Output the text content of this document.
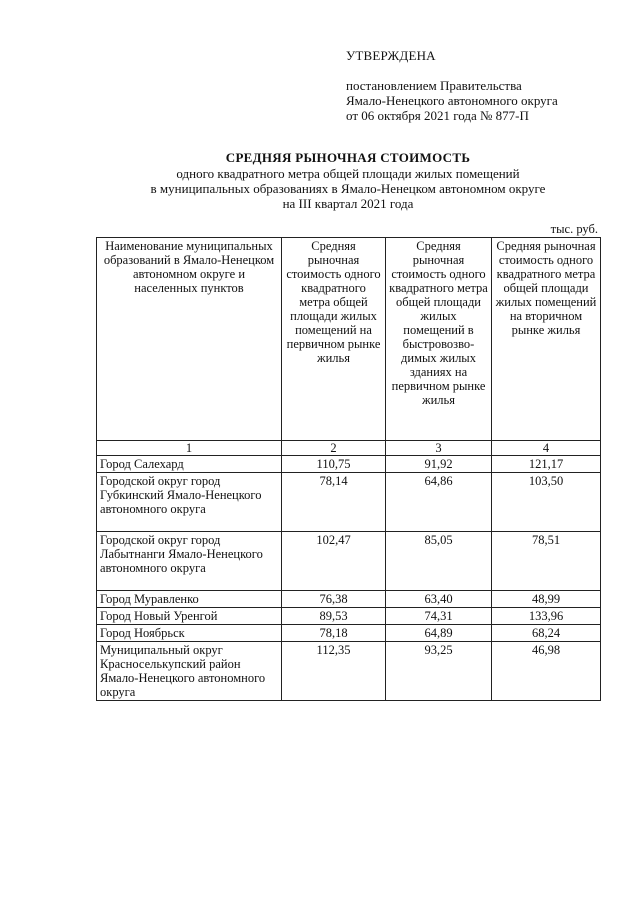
УТВЕРЖДЕНА
постановлением Правительства
Ямало-Ненецкого автономного округа
от 06 октября 2021 года № 877-П
СРЕДНЯЯ РЫНОЧНАЯ СТОИМОСТЬ
одного квадратного метра общей площади жилых помещений
в муниципальных образованиях в Ямало-Ненецком автономном округе
на III квартал 2021 года
тыс. руб.
Наименование муниципальных образований в Ямало-Ненецком автономном округе и населенных пунктов	Средняя рыночная стоимость одного квадратного метра общей площади жилых помещений на первичном рынке жилья	Средняя рыночная стоимость одного квадратного метра общей площади жилых помещений в быстровозво-димых жилых зданиях на первичном рынке жилья	Средняя рыночная стоимость одного квадратного метра общей площади жилых помещений на вторичном рынке жилья
1	2	3	4
Город Салехард	110,75	91,92	121,17
Городской округ город Губкинский Ямало-Ненецкого автономного округа	78,14	64,86	103,50
Городской округ город Лабытнанги Ямало-Ненецкого автономного округа	102,47	85,05	78,51
Город Муравленко	76,38	63,40	48,99
Город Новый Уренгой	89,53	74,31	133,96
Город Ноябрьск	78,18	64,89	68,24
Муниципальный округ Красноселькупский район Ямало-Ненецкого автономного округа	112,35	93,25	46,98
